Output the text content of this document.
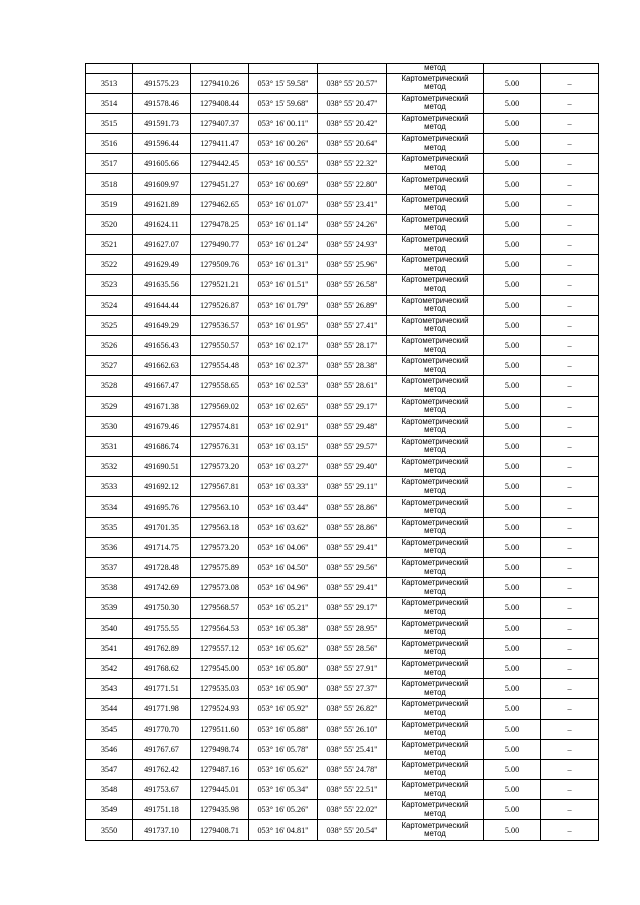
					метод		
3513	491575.23	1279410.26	053° 15' 59.58"	038° 55' 20.57"	Картометрический
метод	5.00	–
3514	491578.46	1279408.44	053° 15' 59.68"	038° 55' 20.47"	Картометрический
метод	5.00	–
3515	491591.73	1279407.37	053° 16' 00.11"	038° 55' 20.42"	Картометрический
метод	5.00	–
3516	491596.44	1279411.47	053° 16' 00.26"	038° 55' 20.64"	Картометрический
метод	5.00	–
3517	491605.66	1279442.45	053° 16' 00.55"	038° 55' 22.32"	Картометрический
метод	5.00	–
3518	491609.97	1279451.27	053° 16' 00.69"	038° 55' 22.80"	Картометрический
метод	5.00	–
3519	491621.89	1279462.65	053° 16' 01.07"	038° 55' 23.41"	Картометрический
метод	5.00	–
3520	491624.11	1279478.25	053° 16' 01.14"	038° 55' 24.26"	Картометрический
метод	5.00	–
3521	491627.07	1279490.77	053° 16' 01.24"	038° 55' 24.93"	Картометрический
метод	5.00	–
3522	491629.49	1279509.76	053° 16' 01.31"	038° 55' 25.96"	Картометрический
метод	5.00	–
3523	491635.56	1279521.21	053° 16' 01.51"	038° 55' 26.58"	Картометрический
метод	5.00	–
3524	491644.44	1279526.87	053° 16' 01.79"	038° 55' 26.89"	Картометрический
метод	5.00	–
3525	491649.29	1279536.57	053° 16' 01.95"	038° 55' 27.41"	Картометрический
метод	5.00	–
3526	491656.43	1279550.57	053° 16' 02.17"	038° 55' 28.17"	Картометрический
метод	5.00	–
3527	491662.63	1279554.48	053° 16' 02.37"	038° 55' 28.38"	Картометрический
метод	5.00	–
3528	491667.47	1279558.65	053° 16' 02.53"	038° 55' 28.61"	Картометрический
метод	5.00	–
3529	491671.38	1279569.02	053° 16' 02.65"	038° 55' 29.17"	Картометрический
метод	5.00	–
3530	491679.46	1279574.81	053° 16' 02.91"	038° 55' 29.48"	Картометрический
метод	5.00	–
3531	491686.74	1279576.31	053° 16' 03.15"	038° 55' 29.57"	Картометрический
метод	5.00	–
3532	491690.51	1279573.20	053° 16' 03.27"	038° 55' 29.40"	Картометрический
метод	5.00	–
3533	491692.12	1279567.81	053° 16' 03.33"	038° 55' 29.11"	Картометрический
метод	5.00	–
3534	491695.76	1279563.10	053° 16' 03.44"	038° 55' 28.86"	Картометрический
метод	5.00	–
3535	491701.35	1279563.18	053° 16' 03.62"	038° 55' 28.86"	Картометрический
метод	5.00	–
3536	491714.75	1279573.20	053° 16' 04.06"	038° 55' 29.41"	Картометрический
метод	5.00	–
3537	491728.48	1279575.89	053° 16' 04.50"	038° 55' 29.56"	Картометрический
метод	5.00	–
3538	491742.69	1279573.08	053° 16' 04.96"	038° 55' 29.41"	Картометрический
метод	5.00	–
3539	491750.30	1279568.57	053° 16' 05.21"	038° 55' 29.17"	Картометрический
метод	5.00	–
3540	491755.55	1279564.53	053° 16' 05.38"	038° 55' 28.95"	Картометрический
метод	5.00	–
3541	491762.89	1279557.12	053° 16' 05.62"	038° 55' 28.56"	Картометрический
метод	5.00	–
3542	491768.62	1279545.00	053° 16' 05.80"	038° 55' 27.91"	Картометрический
метод	5.00	–
3543	491771.51	1279535.03	053° 16' 05.90"	038° 55' 27.37"	Картометрический
метод	5.00	–
3544	491771.98	1279524.93	053° 16' 05.92"	038° 55' 26.82"	Картометрический
метод	5.00	–
3545	491770.70	1279511.60	053° 16' 05.88"	038° 55' 26.10"	Картометрический
метод	5.00	–
3546	491767.67	1279498.74	053° 16' 05.78"	038° 55' 25.41"	Картометрический
метод	5.00	–
3547	491762.42	1279487.16	053° 16' 05.62"	038° 55' 24.78"	Картометрический
метод	5.00	–
3548	491753.67	1279445.01	053° 16' 05.34"	038° 55' 22.51"	Картометрический
метод	5.00	–
3549	491751.18	1279435.98	053° 16' 05.26"	038° 55' 22.02"	Картометрический
метод	5.00	–
3550	491737.10	1279408.71	053° 16' 04.81"	038° 55' 20.54"	Картометрический
метод	5.00	–
